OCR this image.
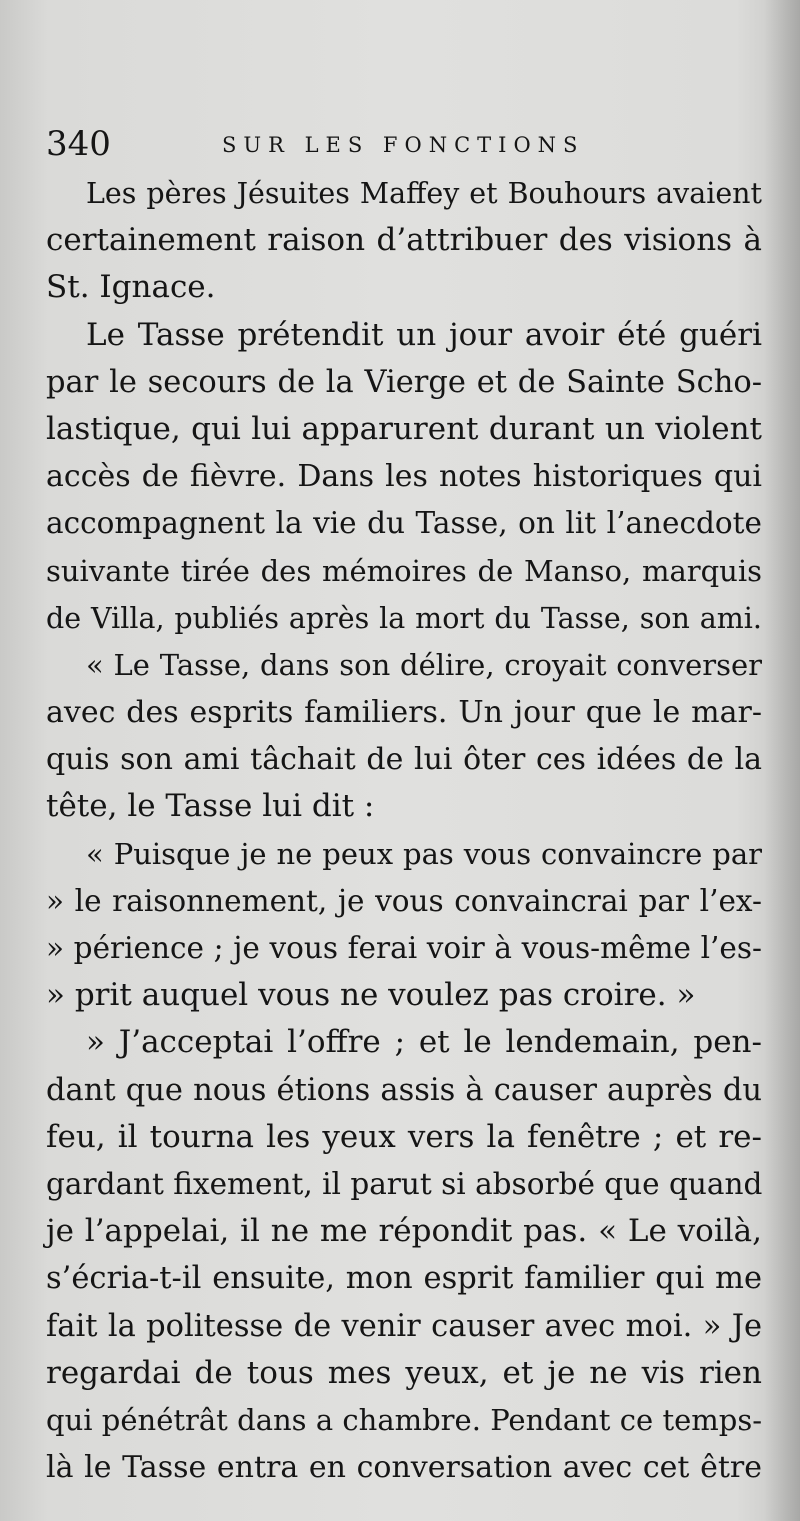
340	SUR LES FONCTIONS
Les pères Jésuites Maffey et Bouhours avaient
certainement raison d’attribuer des visions à
St. Ignace.
Le Tasse prétendit un jour avoir été guéri
par le secours de la Vierge et de Sainte Scho-
lastique, qui lui apparurent durant un violent
accès de fièvre. Dans les notes historiques qui
accompagnent la vie du Tasse, on lit l’anecdote
suivante tirée des mémoires de Manso, marquis
de Villa, publiés après la mort du Tasse, son ami.
« Le Tasse, dans son délire, croyait converser
avec des esprits familiers. Un jour que le mar-
quis son ami tâchait de lui ôter ces idées de la
tête, le Tasse lui dit :
« Puisque je ne peux pas vous convaincre par
» le raisonnement, je vous convaincrai par l’ex-
» périence ; je vous ferai voir à vous-même l’es-
» prit auquel vous ne voulez pas croire. »
» J’acceptai l’offre ; et le lendemain, pen-
dant que nous étions assis à causer auprès du
feu, il tourna les yeux vers la fenêtre ; et re-
gardant fixement, il parut si absorbé que quand
je l’appelai, il ne me répondit pas. « Le voilà,
s’écria-t-il ensuite, mon esprit familier qui me
fait la politesse de venir causer avec moi. » Je
regardai de tous mes yeux, et je ne vis rien
qui pénétrât dans a chambre. Pendant ce temps-
là le Tasse entra en conversation avec cet être
